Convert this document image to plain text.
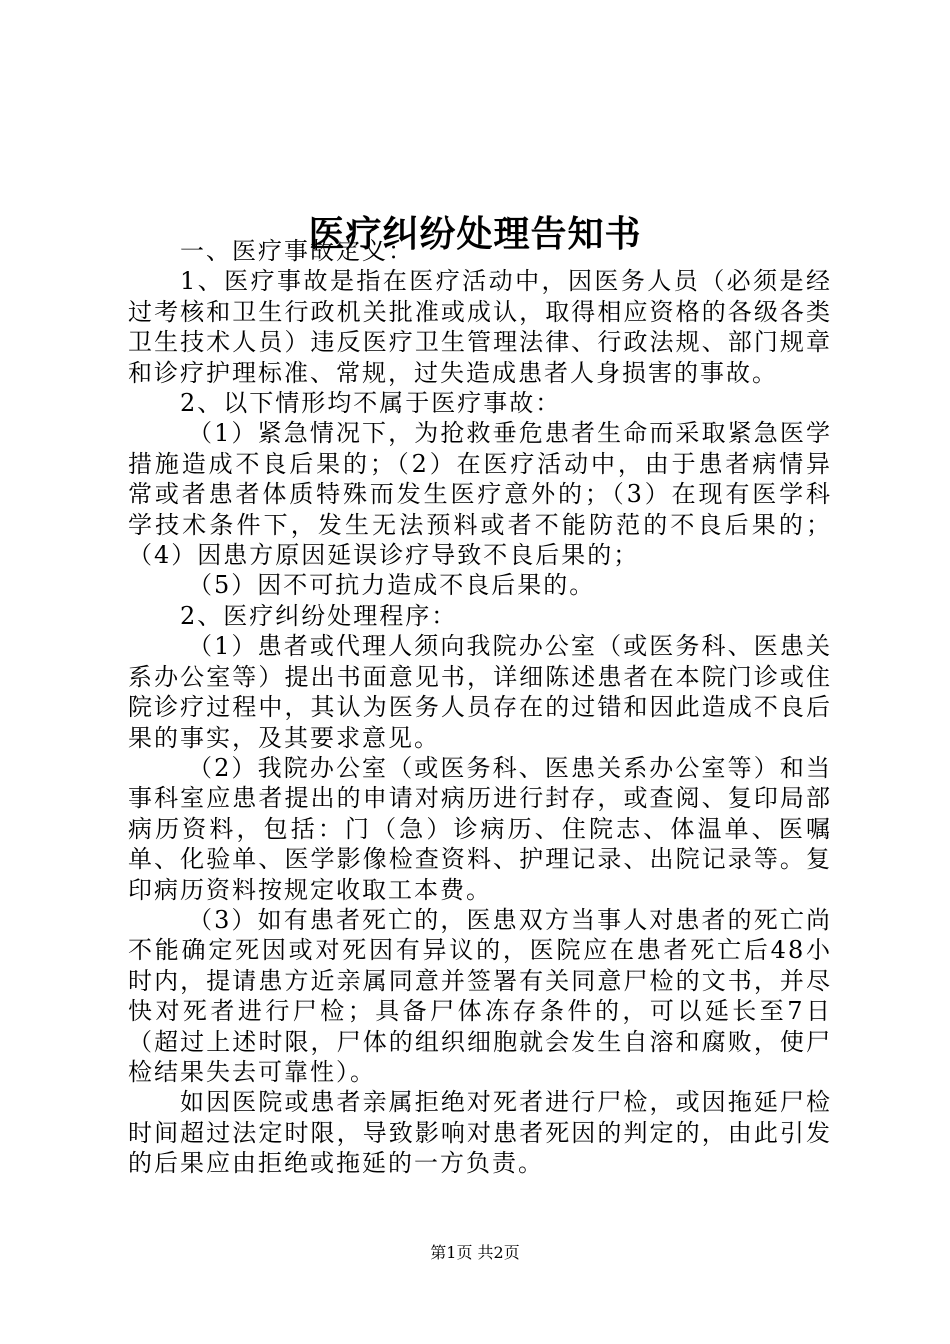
医疗纠纷处理告知书

一、医疗事故定义：

1、医疗事故是指在医疗活动中，因医务人员（必须是经过考核和卫生行政机关批准或成认，取得相应资格的各级各类卫生技术人员）违反医疗卫生管理法律、行政法规、部门规章和诊疗护理标准、常规，过失造成患者人身损害的事故。

2、以下情形均不属于医疗事故：

（1）紧急情况下，为抢救垂危患者生命而采取紧急医学措施造成不良后果的；（2）在医疗活动中，由于患者病情异常或者患者体质特殊而发生医疗意外的；（3）在现有医学科学技术条件下，发生无法预料或者不能防范的不良后果的；（4）因患方原因延误诊疗导致不良后果的；

（5）因不可抗力造成不良后果的。

2、医疗纠纷处理程序：

（1）患者或代理人须向我院办公室（或医务科、医患关系办公室等）提出书面意见书，详细陈述患者在本院门诊或住院诊疗过程中，其认为医务人员存在的过错和因此造成不良后果的事实，及其要求意见。

（2）我院办公室（或医务科、医患关系办公室等）和当事科室应患者提出的申请对病历进行封存，或查阅、复印局部病历资料，包括：门（急）诊病历、住院志、体温单、医嘱单、化验单、医学影像检查资料、护理记录、出院记录等。复印病历资料按规定收取工本费。

（3）如有患者死亡的，医患双方当事人对患者的死亡尚不能确定死因或对死因有异议的，医院应在患者死亡后48小时内，提请患方近亲属同意并签署有关同意尸检的文书，并尽快对死者进行尸检；具备尸体冻存条件的，可以延长至7日（超过上述时限，尸体的组织细胞就会发生自溶和腐败，使尸检结果失去可靠性）。

如因医院或患者亲属拒绝对死者进行尸检，或因拖延尸检时间超过法定时限，导致影响对患者死因的判定的，由此引发的后果应由拒绝或拖延的一方负责。

第1页 共2页
